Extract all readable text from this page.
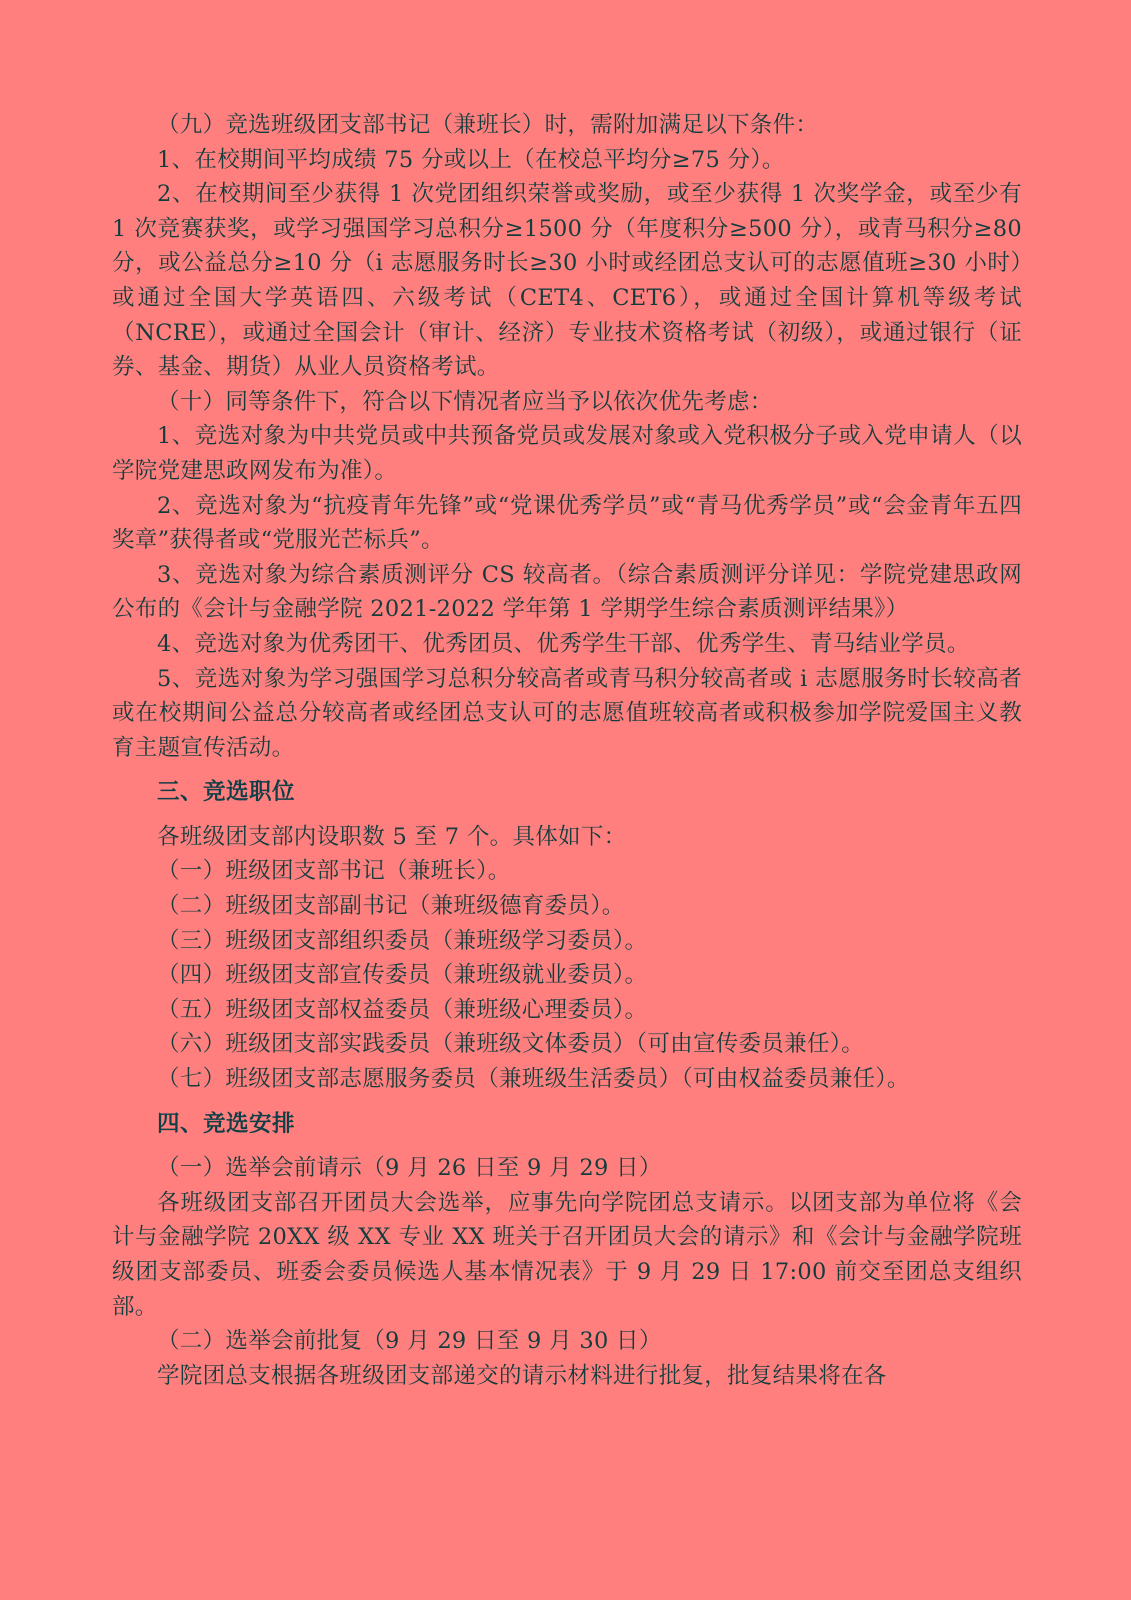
（九）竞选班级团支部书记（兼班长）时，需附加满足以下条件：

1、在校期间平均成绩 75 分或以上（在校总平均分≥75 分）。

2、在校期间至少获得 1 次党团组织荣誉或奖励，或至少获得 1 次奖学金，或至少有 1 次竞赛获奖，或学习强国学习总积分≥1500 分（年度积分≥500 分），或青马积分≥80 分，或公益总分≥10 分（i 志愿服务时长≥30 小时或经团总支认可的志愿值班≥30 小时）或通过全国大学英语四、六级考试（CET4、CET6），或通过全国计算机等级考试（NCRE），或通过全国会计（审计、经济）专业技术资格考试（初级），或通过银行（证券、基金、期货）从业人员资格考试。

（十）同等条件下，符合以下情况者应当予以依次优先考虑：

1、竞选对象为中共党员或中共预备党员或发展对象或入党积极分子或入党申请人（以学院党建思政网发布为准）。

2、竞选对象为“抗疫青年先锋”或“党课优秀学员”或“青马优秀学员”或“会金青年五四奖章”获得者或“党服光芒标兵”。

3、竞选对象为综合素质测评分 CS 较高者。（综合素质测评分详见：学院党建思政网公布的《会计与金融学院 2021-2022 学年第 1 学期学生综合素质测评结果》）

4、竞选对象为优秀团干、优秀团员、优秀学生干部、优秀学生、青马结业学员。

5、竞选对象为学习强国学习总积分较高者或青马积分较高者或 i 志愿服务时长较高者或在校期间公益总分较高者或经团总支认可的志愿值班较高者或积极参加学院爱国主义教育主题宣传活动。

三、竞选职位

各班级团支部内设职数 5 至 7 个。具体如下：

（一）班级团支部书记（兼班长）。

（二）班级团支部副书记（兼班级德育委员）。

（三）班级团支部组织委员（兼班级学习委员）。

（四）班级团支部宣传委员（兼班级就业委员）。

（五）班级团支部权益委员（兼班级心理委员）。

（六）班级团支部实践委员（兼班级文体委员）（可由宣传委员兼任）。

（七）班级团支部志愿服务委员（兼班级生活委员）（可由权益委员兼任）。

四、竞选安排

（一）选举会前请示（9 月 26 日至 9 月 29 日）

各班级团支部召开团员大会选举，应事先向学院团总支请示。以团支部为单位将《会计与金融学院 20XX 级 XX 专业 XX 班关于召开团员大会的请示》和《会计与金融学院班级团支部委员、班委会委员候选人基本情况表》于 9 月 29 日 17:00 前交至团总支组织部。

（二）选举会前批复（9 月 29 日至 9 月 30 日）

学院团总支根据各班级团支部递交的请示材料进行批复，批复结果将在各
